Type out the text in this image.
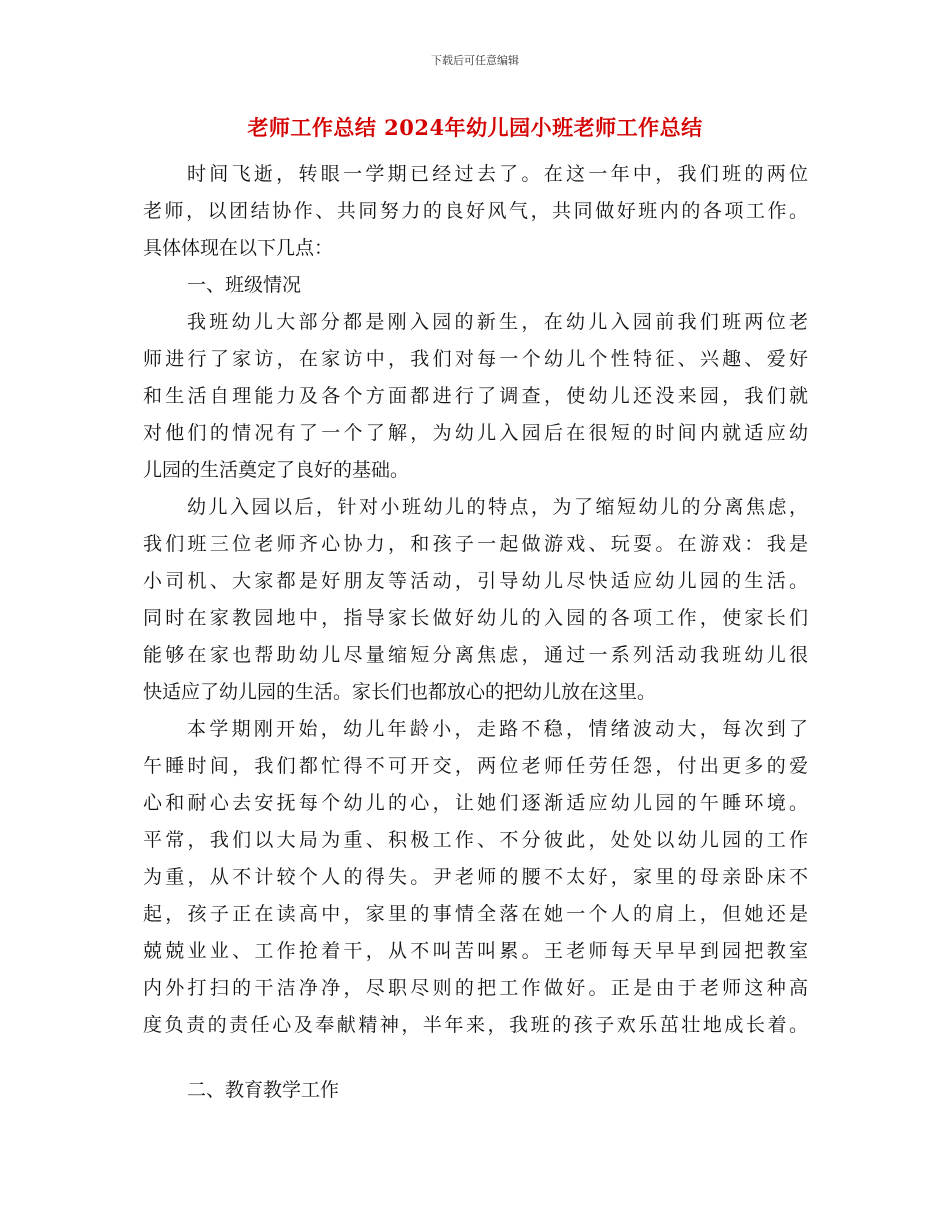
下载后可任意编辑
老师工作总结 2024年幼儿园小班老师工作总结
时间飞逝，转眼一学期已经过去了。在这一年中，我们班的两位
老师，以团结协作、共同努力的良好风气，共同做好班内的各项工作。
具体体现在以下几点：
一、班级情况
我班幼儿大部分都是刚入园的新生，在幼儿入园前我们班两位老
师进行了家访，在家访中，我们对每一个幼儿个性特征、兴趣、爱好
和生活自理能力及各个方面都进行了调查，使幼儿还没来园，我们就
对他们的情况有了一个了解，为幼儿入园后在很短的时间内就适应幼
儿园的生活奠定了良好的基础。
幼儿入园以后，针对小班幼儿的特点，为了缩短幼儿的分离焦虑，
我们班三位老师齐心协力，和孩子一起做游戏、玩耍。在游戏：我是
小司机、大家都是好朋友等活动，引导幼儿尽快适应幼儿园的生活。
同时在家教园地中，指导家长做好幼儿的入园的各项工作，使家长们
能够在家也帮助幼儿尽量缩短分离焦虑，通过一系列活动我班幼儿很
快适应了幼儿园的生活。家长们也都放心的把幼儿放在这里。
本学期刚开始，幼儿年龄小，走路不稳，情绪波动大，每次到了
午睡时间，我们都忙得不可开交，两位老师任劳任怨，付出更多的爱
心和耐心去安抚每个幼儿的心，让她们逐渐适应幼儿园的午睡环境。
平常，我们以大局为重、积极工作、不分彼此，处处以幼儿园的工作
为重，从不计较个人的得失。尹老师的腰不太好，家里的母亲卧床不
起，孩子正在读高中，家里的事情全落在她一个人的肩上，但她还是
兢兢业业、工作抢着干，从不叫苦叫累。王老师每天早早到园把教室
内外打扫的干洁净净，尽职尽则的把工作做好。正是由于老师这种高
度负责的责任心及奉献精神，半年来，我班的孩子欢乐茁壮地成长着。
二、教育教学工作
